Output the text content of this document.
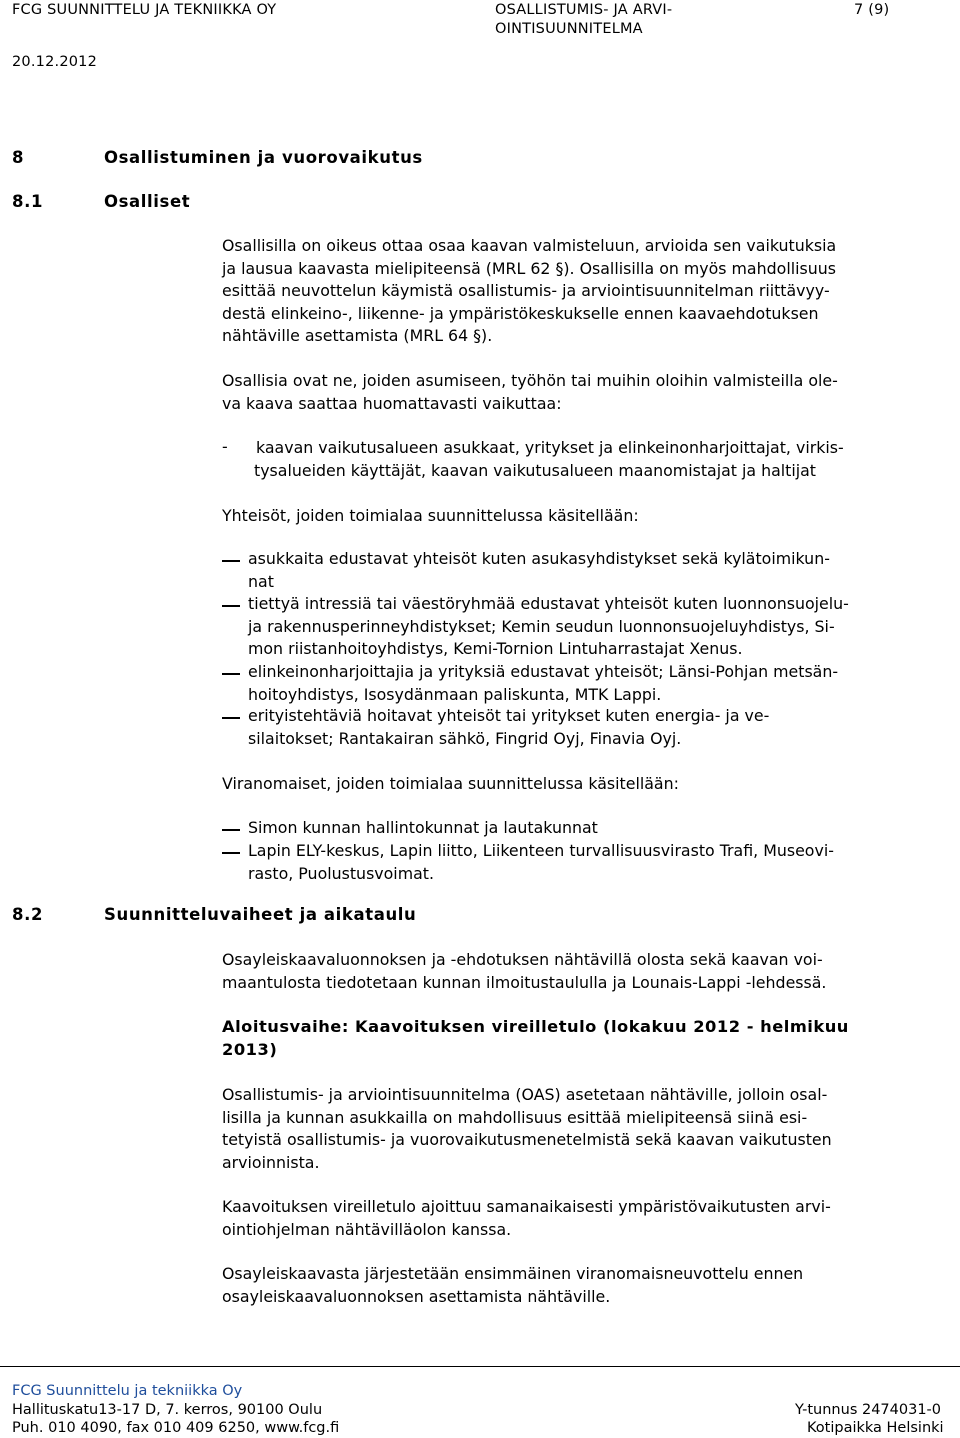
FCG SUUNNITTELU JA TEKNIIKKA OY	OSALLISTUMIS- JA ARVI-
OINTISUUNNITELMA
7 (9)
20.12.2012
8	Osallistuminen ja vuorovaikutus
8.1	Osalliset
Osallisilla on oikeus ottaa osaa kaavan valmisteluun, arvioida sen vaikutuksia
ja lausua kaavasta mielipiteensä (MRL 62 §). Osallisilla on myös mahdollisuus
esittää neuvottelun käymistä osallistumis- ja arviointisuunnitelman riittävyy-
destä elinkeino-, liikenne- ja ympäristökeskukselle ennen kaavaehdotuksen
nähtäville asettamista (MRL 64 §).
Osallisia ovat ne, joiden asumiseen, työhön tai muihin oloihin valmisteilla ole-
va kaava saattaa huomattavasti vaikuttaa:
- kaavan vaikutusalueen asukkaat, yritykset ja elinkeinonharjoittajat, virkis-
tysalueiden käyttäjät, kaavan vaikutusalueen maanomistajat ja haltijat
Yhteisöt, joiden toimialaa suunnittelussa käsitellään:
asukkaita edustavat yhteisöt kuten asukasyhdistykset sekä kylätoimikun-
nat
tiettyä intressiä tai väestöryhmää edustavat yhteisöt kuten luonnonsuojelu-
ja rakennusperinneyhdistykset; Kemin seudun luonnonsuojeluyhdistys, Si-
mon riistanhoitoyhdistys, Kemi-Tornion Lintuharrastajat Xenus.
elinkeinonharjoittajia ja yrityksiä edustavat yhteisöt; Länsi-Pohjan metsän-
hoitoyhdistys, Isosydänmaan paliskunta, MTK Lappi.
erityistehtäviä hoitavat yhteisöt tai yritykset kuten energia- ja ve-
silaitokset; Rantakairan sähkö, Fingrid Oyj, Finavia Oyj.
Viranomaiset, joiden toimialaa suunnittelussa käsitellään:
Simon kunnan hallintokunnat ja lautakunnat
Lapin ELY-keskus, Lapin liitto, Liikenteen turvallisuusvirasto Trafi, Museovi-
rasto, Puolustusvoimat.
8.2	Suunnitteluvaiheet ja aikataulu
Osayleiskaavaluonnoksen ja -ehdotuksen nähtävillä olosta sekä kaavan voi-
maantulosta tiedotetaan kunnan ilmoitustaululla ja Lounais-Lappi -lehdessä.
Aloitusvaihe: Kaavoituksen vireilletulo (lokakuu 2012 - helmikuu
2013)
Osallistumis- ja arviointisuunnitelma (OAS) asetetaan nähtäville, jolloin osal-
lisilla ja kunnan asukkailla on mahdollisuus esittää mielipiteensä siinä esi-
tetyistä osallistumis- ja vuorovaikutusmenetelmistä sekä kaavan vaikutusten
arvioinnista.
Kaavoituksen vireilletulo ajoittuu samanaikaisesti ympäristövaikutusten arvi-
ointiohjelman nähtävilläolon kanssa.
Osayleiskaavasta järjestetään ensimmäinen viranomaisneuvottelu ennen
osayleiskaavaluonnoksen asettamista nähtäville.
FCG Suunnittelu ja tekniikka Oy
Hallituskatu13-17 D, 7. kerros, 90100 Oulu
Puh. 010 4090, fax 010 409 6250, www.fcg.fi
Y-tunnus 2474031-0
Kotipaikka Helsinki
